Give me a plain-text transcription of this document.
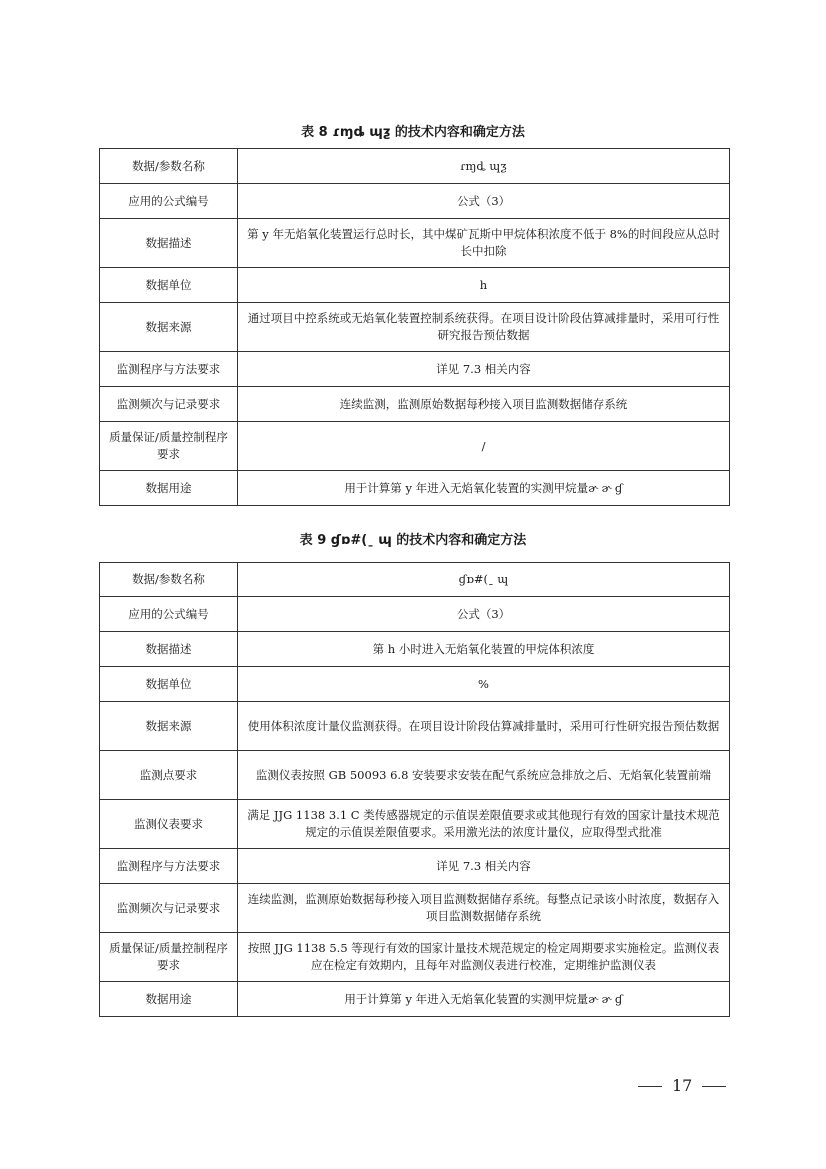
表 8 ɾɱȡ ɰƺ 的技术内容和确定方法
数据/参数名称	ɾɱȡ ɰƺ
应用的公式编号	公式（3）
数据描述	第 y 年无焰氧化装置运行总时长，其中煤矿瓦斯中甲烷体积浓度不低于 8%的时间段应从总时长中扣除
数据单位	h
数据来源	通过项目中控系统或无焰氧化装置控制系统获得。在项目设计阶段估算减排量时，采用可行性研究报告预估数据
监测程序与方法要求	详见 7.3 相关内容
监测频次与记录要求	连续监测，监测原始数据每秒接入项目监测数据储存系统
质量保证/质量控制程序要求	/
数据用途	用于计算第 y 年进入无焰氧化装置的实测甲烷量ɚ ɚ ɠ
表 9 ɠɒ#(ˍ ɰ 的技术内容和确定方法
数据/参数名称	ɠɒ#(ˍ ɰ
应用的公式编号	公式（3）
数据描述	第 h 小时进入无焰氧化装置的甲烷体积浓度
数据单位	%
数据来源	使用体积浓度计量仪监测获得。在项目设计阶段估算减排量时，采用可行性研究报告预估数据
监测点要求	监测仪表按照 GB 50093 6.8 安装要求安装在配气系统应急排放之后、无焰氧化装置前端
监测仪表要求	满足 JJG 1138 3.1 C 类传感器规定的示值误差限值要求或其他现行有效的国家计量技术规范规定的示值误差限值要求。采用激光法的浓度计量仪，应取得型式批准
监测程序与方法要求	详见 7.3 相关内容
监测频次与记录要求	连续监测，监测原始数据每秒接入项目监测数据储存系统。每整点记录该小时浓度，数据存入项目监测数据储存系统
质量保证/质量控制程序要求	按照 JJG 1138 5.5 等现行有效的国家计量技术规范规定的检定周期要求实施检定。监测仪表应在检定有效期内，且每年对监测仪表进行校准，定期维护监测仪表
数据用途	用于计算第 y 年进入无焰氧化装置的实测甲烷量ɚ ɚ ɠ
17
